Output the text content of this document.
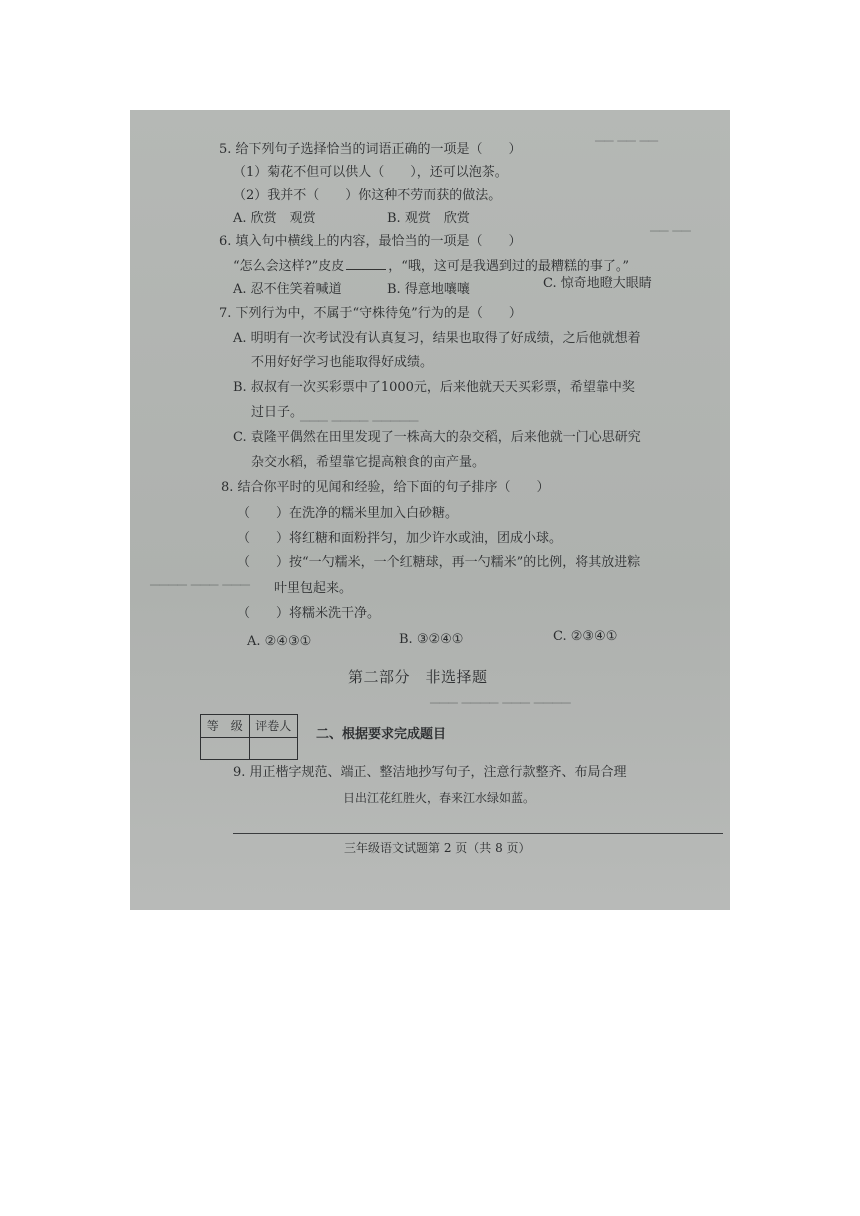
▁▁ ▁▁ ▁▁
▁▁ ▁▁
▁▁▁ ▁▁▁▁ ▁▁▁▁▁
▁▁▁▁ ▁▁▁ ▁▁▁
▁▁▁ ▁▁▁▁ ▁▁▁ ▁▁▁▁
5. 给下列句子选择恰当的词语正确的一项是（　　）
（1）菊花不但可以供人（　　），还可以泡茶。
（2）我并不（　　）你这种不劳而获的做法。
A. 欣赏　观赏	B. 观赏　欣赏
6. 填入句中横线上的内容，最恰当的一项是（　　）
“怎么会这样?”皮皮	，“哦，这可是我遇到过的最糟糕的事了。”
A. 忍不住笑着喊道	B. 得意地嚷嚷	C. 惊奇地瞪大眼睛
7. 下列行为中，不属于“守株待兔”行为的是（　　）
A. 明明有一次考试没有认真复习，结果也取得了好成绩，之后他就想着
不用好好学习也能取得好成绩。
B. 叔叔有一次买彩票中了1000元，后来他就天天买彩票，希望靠中奖
过日子。
C. 袁隆平偶然在田里发现了一株高大的杂交稻，后来他就一门心思研究
杂交水稻，希望靠它提高粮食的亩产量。
8. 结合你平时的见闻和经验，给下面的句子排序（　　）
（　　）在洗净的糯米里加入白砂糖。
（　　）将红糖和面粉拌匀，加少许水或油，团成小球。
（　　）按“一勺糯米，一个红糖球，再一勺糯米”的比例，将其放进粽
叶里包起来。
（　　）将糯米洗干净。
A. ②④③①	B. ③②④①	C. ②③④①
第二部分　非选择题
等　级	评卷人

二、根据要求完成题目
9. 用正楷字规范、端正、整洁地抄写句子，注意行款整齐、布局合理
日出江花红胜火，春来江水绿如蓝。
三年级语文试题第 2 页（共 8 页）
